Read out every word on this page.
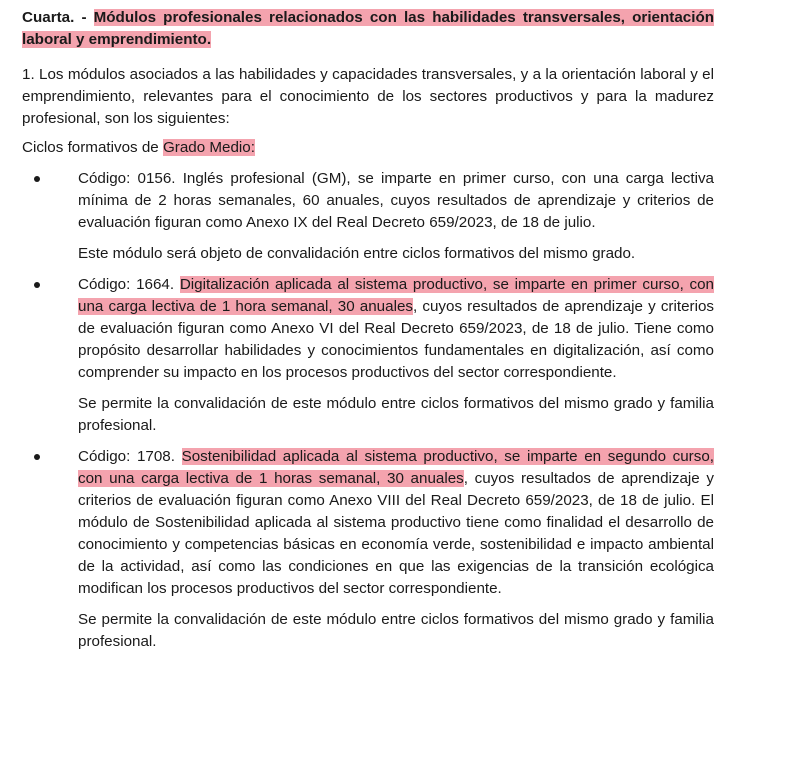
Cuarta. - Módulos profesionales relacionados con las habilidades transversales, orientación laboral y emprendimiento.

1. Los módulos asociados a las habilidades y capacidades transversales, y a la orientación laboral y el emprendimiento, relevantes para el conocimiento de los sectores productivos y para la madurez profesional, son los siguientes:

Ciclos formativos de Grado Medio:

Código: 0156. Inglés profesional (GM), se imparte en primer curso, con una carga lectiva mínima de 2 horas semanales, 60 anuales, cuyos resultados de aprendizaje y criterios de evaluación figuran como Anexo IX del Real Decreto 659/2023, de 18 de julio.

Este módulo será objeto de convalidación entre ciclos formativos del mismo grado.

Código: 1664. Digitalización aplicada al sistema productivo, se imparte en primer curso, con una carga lectiva de 1 hora semanal, 30 anuales, cuyos resultados de aprendizaje y criterios de evaluación figuran como Anexo VI del Real Decreto 659/2023, de 18 de julio. Tiene como propósito desarrollar habilidades y conocimientos fundamentales en digitalización, así como comprender su impacto en los procesos productivos del sector correspondiente.

Se permite la convalidación de este módulo entre ciclos formativos del mismo grado y familia profesional.

Código: 1708. Sostenibilidad aplicada al sistema productivo, se imparte en segundo curso, con una carga lectiva de 1 horas semanal, 30 anuales, cuyos resultados de aprendizaje y criterios de evaluación figuran como Anexo VIII del Real Decreto 659/2023, de 18 de julio. El módulo de Sostenibilidad aplicada al sistema productivo tiene como finalidad el desarrollo de conocimiento y competencias básicas en economía verde, sostenibilidad e impacto ambiental de la actividad, así como las condiciones en que las exigencias de la transición ecológica modifican los procesos productivos del sector correspondiente.

Se permite la convalidación de este módulo entre ciclos formativos del mismo grado y familia profesional.
